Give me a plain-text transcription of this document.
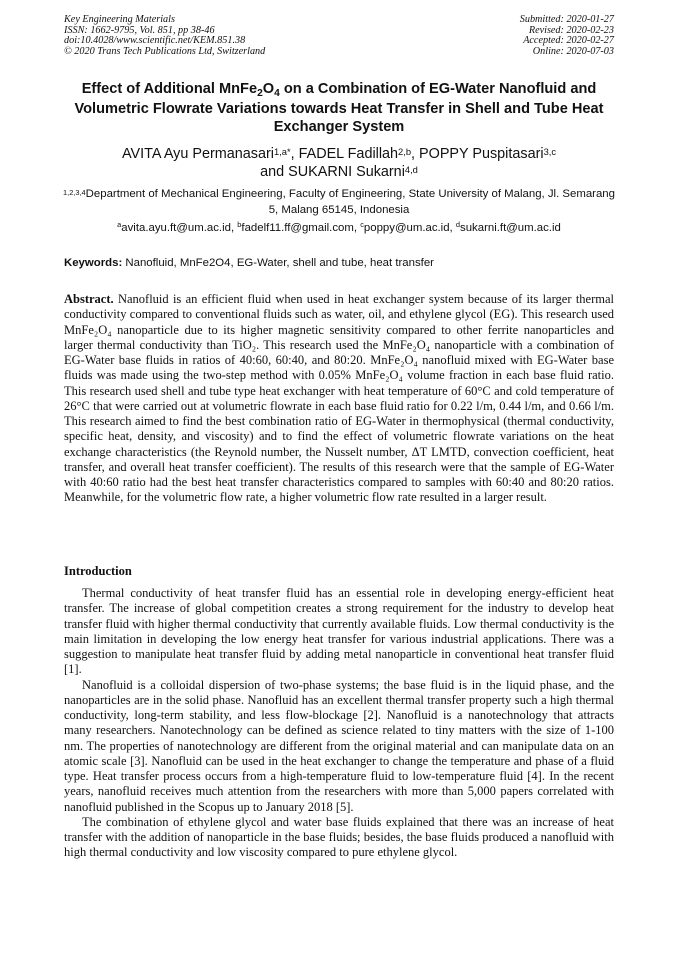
Key Engineering Materials
ISSN: 1662-9795, Vol. 851, pp 38-46
doi:10.4028/www.scientific.net/KEM.851.38
© 2020 Trans Tech Publications Ltd, Switzerland
Submitted: 2020-01-27
Revised: 2020-02-23
Accepted: 2020-02-27
Online: 2020-07-03
Effect of Additional $MnFe_2O_4$ on a Combination of EG-Water Nanofluid and Volumetric Flowrate Variations towards Heat Transfer in Shell and Tube Heat Exchanger System
AVITA Ayu Permanasari$^{1,a*}$, FADEL Fadillah$^{2,b}$, POPPY Puspitasari$^{3,c}$
and SUKARNI Sukarni$^{4,d}$
$^{1,2,3,4}$Department of Mechanical Engineering, Faculty of Engineering, State University of Malang, Jl. Semarang 5, Malang 65145, Indonesia
$^a$avita.ayu.ft@um.ac.id, $^b$fadelf11.ff@gmail.com, $^c$poppy@um.ac.id, $^d$sukarni.ft@um.ac.id
Keywords: Nanofluid, MnFe2O4, EG-Water, shell and tube, heat transfer

Abstract. Nanofluid is an efficient fluid when used in heat exchanger system because of its larger thermal conductivity compared to conventional fluids such as water, oil, and ethylene glycol (EG). This research used MnFe₂O₄ nanoparticle due to its higher magnetic sensitivity compared to other ferrite nanoparticles and larger thermal conductivity than TiO₂. This research used the MnFe₂O₄ nanoparticle with a combination of EG-Water base fluids in ratios of 40:60, 60:40, and 80:20. MnFe₂O₄ nanofluid mixed with EG-Water base fluids was made using the two-step method with 0.05% MnFe₂O₄ volume fraction in each base fluid ratio. This research used shell and tube type heat exchanger with heat temperature of 60°C and cold temperature of 26°C that were carried out at volumetric flowrate in each base fluid ratio for 0.22 l/m, 0.44 l/m, and 0.66 l/m. This research aimed to find the best combination ratio of EG-Water in thermophysical (thermal conductivity, specific heat, density, and viscosity) and to find the effect of volumetric flowrate variations on the heat exchange characteristics (the Reynold number, the Nusselt number, ΔT LMTD, convection coefficient, heat transfer, and overall heat transfer coefficient). The results of this research were that the sample of EG-Water with 40:60 ratio had the best heat transfer characteristics compared to samples with 60:40 and 80:20 ratios. Meanwhile, for the volumetric flow rate, a higher volumetric flow rate resulted in a larger result.

Introduction

Thermal conductivity of heat transfer fluid has an essential role in developing energy-efficient heat transfer. The increase of global competition creates a strong requirement for the industry to develop heat transfer fluid with higher thermal conductivity that currently available fluids. Low thermal conductivity is the main limitation in developing the low energy heat transfer for various industrial applications. There was a suggestion to manipulate heat transfer fluid by adding metal nanoparticle in conventional heat transfer fluid [1].

Nanofluid is a colloidal dispersion of two-phase systems; the base fluid is in the liquid phase, and the nanoparticles are in the solid phase. Nanofluid has an excellent thermal transfer property such a high thermal conductivity, long-term stability, and less flow-blockage [2]. Nanofluid is a nanotechnology that attracts many researchers. Nanotechnology can be defined as science related to tiny matters with the size of 1-100 nm. The properties of nanotechnology are different from the original material and can manipulate data on an atomic scale [3]. Nanofluid can be used in the heat exchanger to change the temperature and phase of a fluid type. Heat transfer process occurs from a high-temperature fluid to low-temperature fluid [4]. In the recent years, nanofluid receives much attention from the researchers with more than 5,000 papers correlated with nanofluid published in the Scopus up to January 2018 [5].

The combination of ethylene glycol and water base fluids explained that there was an increase of heat transfer with the addition of nanoparticle in the base fluids; besides, the base fluids produced a nanofluid with high thermal conductivity and low viscosity compared to pure ethylene glycol.
